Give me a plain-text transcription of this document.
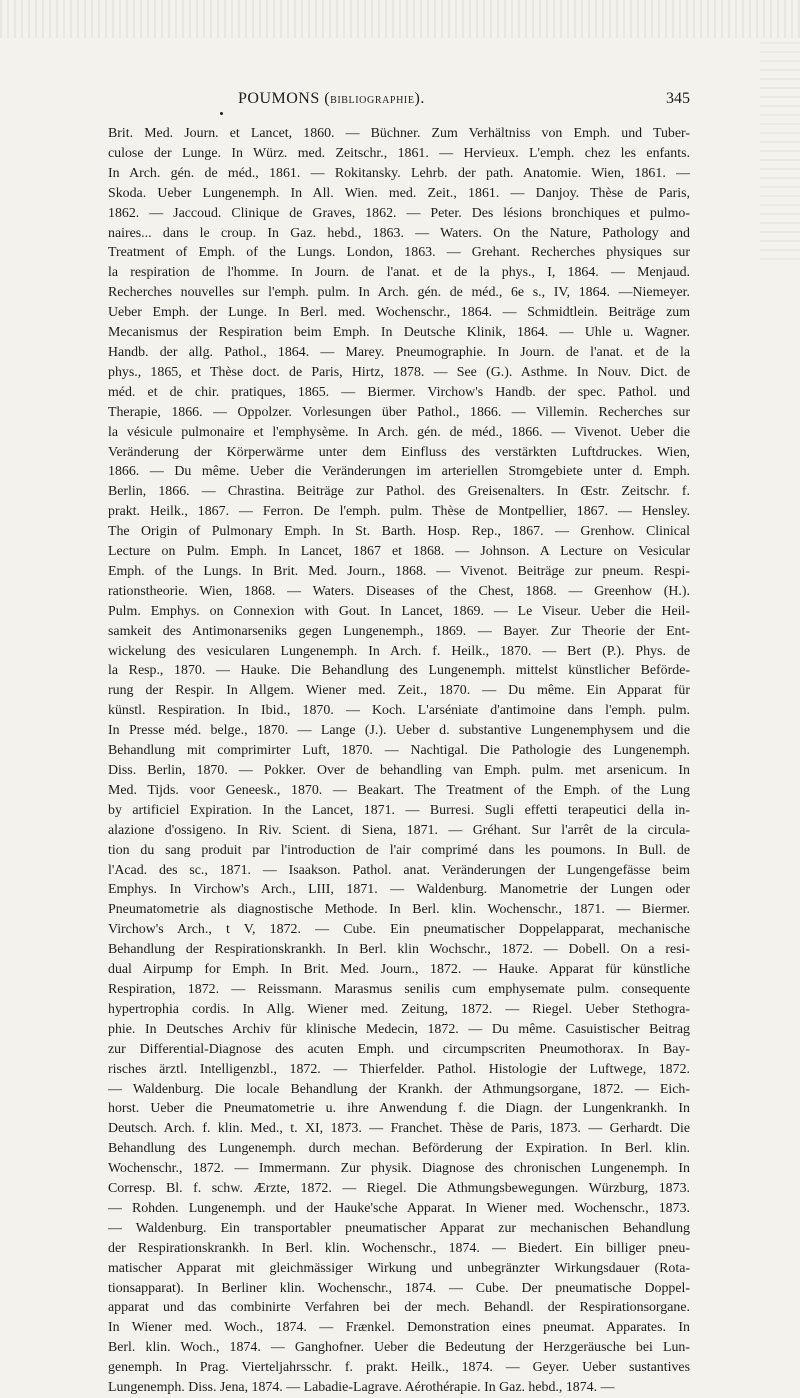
POUMONS (BIBLIOGRAPHIE).	345
Brit. Med. Journ. et Lancet, 1860. — Büchner. Zum Verhältniss von Emph. und Tuber-
culose der Lunge. In Würz. med. Zeitschr., 1861. — Hervieux. L'emph. chez les enfants.
In Arch. gén. de méd., 1861. — Rokitansky. Lehrb. der path. Anatomie. Wien, 1861. —
Skoda. Ueber Lungenemph. In All. Wien. med. Zeit., 1861. — Danjoy. Thèse de Paris,
1862. — Jaccoud. Clinique de Graves, 1862. — Peter. Des lésions bronchiques et pulmo-
naires... dans le croup. In Gaz. hebd., 1863. — Waters. On the Nature, Pathology and
Treatment of Emph. of the Lungs. London, 1863. — Grehant. Recherches physiques sur
la respiration de l'homme. In Journ. de l'anat. et de la phys., I, 1864. — Menjaud.
Recherches nouvelles sur l'emph. pulm. In Arch. gén. de méd., 6e s., IV, 1864. —Niemeyer.
Ueber Emph. der Lunge. In Berl. med. Wochenschr., 1864. — Schmidtlein. Beiträge zum
Mecanismus der Respiration beim Emph. In Deutsche Klinik, 1864. — Uhle u. Wagner.
Handb. der allg. Pathol., 1864. — Marey. Pneumographie. In Journ. de l'anat. et de la
phys., 1865, et Thèse doct. de Paris, Hirtz, 1878. — See (G.). Asthme. In Nouv. Dict. de
méd. et de chir. pratiques, 1865. — Biermer. Virchow's Handb. der spec. Pathol. und
Therapie, 1866. — Oppolzer. Vorlesungen über Pathol., 1866. — Villemin. Recherches sur
la vésicule pulmonaire et l'emphysème. In Arch. gén. de méd., 1866. — Vivenot. Ueber die
Veränderung der Körperwärme unter dem Einfluss des verstärkten Luftdruckes. Wien,
1866. — Du même. Ueber die Veränderungen im arteriellen Stromgebiete unter d. Emph.
Berlin, 1866. — Chrastina. Beiträge zur Pathol. des Greisenalters. In Œstr. Zeitschr. f.
prakt. Heilk., 1867. — Ferron. De l'emph. pulm. Thèse de Montpellier, 1867. — Hensley.
The Origin of Pulmonary Emph. In St. Barth. Hosp. Rep., 1867. — Grenhow. Clinical
Lecture on Pulm. Emph. In Lancet, 1867 et 1868. — Johnson. A Lecture on Vesicular
Emph. of the Lungs. In Brit. Med. Journ., 1868. — Vivenot. Beiträge zur pneum. Respi-
rationstheorie. Wien, 1868. — Waters. Diseases of the Chest, 1868. — Greenhow (H.).
Pulm. Emphys. on Connexion with Gout. In Lancet, 1869. — Le Viseur. Ueber die Heil-
samkeit des Antimonarseniks gegen Lungenemph., 1869. — Bayer. Zur Theorie der Ent-
wickelung des vesicularen Lungenemph. In Arch. f. Heilk., 1870. — Bert (P.). Phys. de
la Resp., 1870. — Hauke. Die Behandlung des Lungenemph. mittelst künstlicher Beförde-
rung der Respir. In Allgem. Wiener med. Zeit., 1870. — Du même. Ein Apparat für
künstl. Respiration. In Ibid., 1870. — Koch. L'arséniate d'antimoine dans l'emph. pulm.
In Presse méd. belge., 1870. — Lange (J.). Ueber d. substantive Lungenemphysem und die
Behandlung mit comprimirter Luft, 1870. — Nachtigal. Die Pathologie des Lungenemph.
Diss. Berlin, 1870. — Pokker. Over de behandling van Emph. pulm. met arsenicum. In
Med. Tijds. voor Geneesk., 1870. — Beakart. The Treatment of the Emph. of the Lung
by artificiel Expiration. In the Lancet, 1871. — Burresi. Sugli effetti terapeutici della in-
alazione d'ossigeno. In Riv. Scient. di Siena, 1871. — Gréhant. Sur l'arrêt de la circula-
tion du sang produit par l'introduction de l'air comprimé dans les poumons. In Bull. de
l'Acad. des sc., 1871. — Isaakson. Pathol. anat. Veränderungen der Lungengefässe beim
Emphys. In Virchow's Arch., LIII, 1871. — Waldenburg. Manometrie der Lungen oder
Pneumatometrie als diagnostische Methode. In Berl. klin. Wochenschr., 1871. — Biermer.
Virchow's Arch., t V, 1872. — Cube. Ein pneumatischer Doppelapparat, mechanische
Behandlung der Respirationskrankh. In Berl. klin Wochschr., 1872. — Dobell. On a resi-
dual Airpump for Emph. In Brit. Med. Journ., 1872. — Hauke. Apparat für künstliche
Respiration, 1872. — Reissmann. Marasmus senilis cum emphysemate pulm. consequente
hypertrophia cordis. In Allg. Wiener med. Zeitung, 1872. — Riegel. Ueber Stethogra-
phie. In Deutsches Archiv für klinische Medecin, 1872. — Du même. Casuistischer Beitrag
zur Differential-Diagnose des acuten Emph. und circumpscriten Pneumothorax. In Bay-
risches ärztl. Intelligenzbl., 1872. — Thierfelder. Pathol. Histologie der Luftwege, 1872.
— Waldenburg. Die locale Behandlung der Krankh. der Athmungsorgane, 1872. — Eich-
horst. Ueber die Pneumatometrie u. ihre Anwendung f. die Diagn. der Lungenkrankh. In
Deutsch. Arch. f. klin. Med., t. XI, 1873. — Franchet. Thèse de Paris, 1873. — Gerhardt. Die
Behandlung des Lungenemph. durch mechan. Beförderung der Expiration. In Berl. klin.
Wochenschr., 1872. — Immermann. Zur physik. Diagnose des chronischen Lungenemph. In
Corresp. Bl. f. schw. Ærzte, 1872. — Riegel. Die Athmungsbewegungen. Würzburg, 1873.
— Rohden. Lungenemph. und der Hauke'sche Apparat. In Wiener med. Wochenschr., 1873.
— Waldenburg. Ein transportabler pneumatischer Apparat zur mechanischen Behandlung
der Respirationskrankh. In Berl. klin. Wochenschr., 1874. — Biedert. Ein billiger pneu-
matischer Apparat mit gleichmässiger Wirkung und unbegränzter Wirkungsdauer (Rota-
tionsapparat). In Berliner klin. Wochenschr., 1874. — Cube. Der pneumatische Doppel-
apparat und das combinirte Verfahren bei der mech. Behandl. der Respirationsorgane.
In Wiener med. Woch., 1874. — Frænkel. Demonstration eines pneumat. Apparates. In
Berl. klin. Woch., 1874. — Ganghofner. Ueber die Bedeutung der Herzgeräusche bei Lun-
genemph. In Prag. Vierteljahrsschr. f. prakt. Heilk., 1874. — Geyer. Ueber sustantives
Lungenemph. Diss. Jena, 1874. — Labadie-Lagrave. Aérothérapie. In Gaz. hebd., 1874. —
